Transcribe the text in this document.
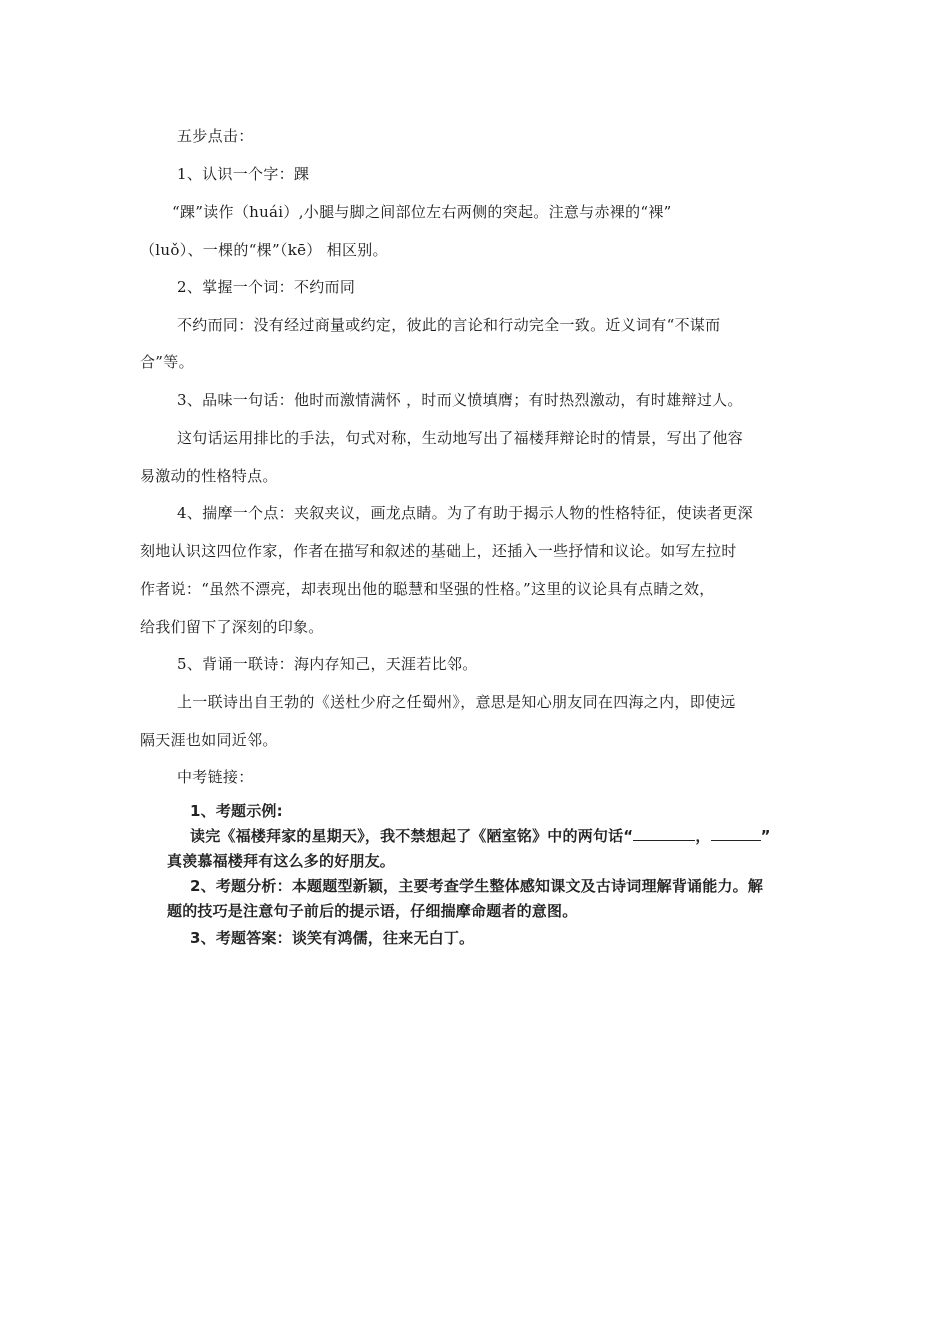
五步点击：
1、认识一个字：踝
“踝”读作（huái）,小腿与脚之间部位左右两侧的突起。注意与赤裸的“裸”
（luǒ）、一棵的“棵”（kē） 相区别。
2、掌握一个词：不约而同
不约而同：没有经过商量或约定，彼此的言论和行动完全一致。近义词有“不谋而
合”等。
3、品味一句话：他时而激情满怀 ，时而义愤填膺；有时热烈激动，有时雄辩过人。
这句话运用排比的手法，句式对称，生动地写出了福楼拜辩论时的情景，写出了他容
易激动的性格特点。
4、揣摩一个点：夹叙夹议，画龙点睛。为了有助于揭示人物的性格特征，使读者更深
刻地认识这四位作家，作者在描写和叙述的基础上，还插入一些抒情和议论。如写左拉时
作者说：“虽然不漂亮，却表现出他的聪慧和坚强的性格。”这里的议论具有点睛之效，
给我们留下了深刻的印象。
5、背诵一联诗：海内存知己，天涯若比邻。
上一联诗出自王勃的《送杜少府之任蜀州》，意思是知心朋友同在四海之内，即使远
隔天涯也如同近邻。
中考链接：
1、考题示例:
读完《福楼拜家的星期天》，我不禁想起了《陋室铭》中的两句话“	，	”
真羡慕福楼拜有这么多的好朋友。
2、考题分析：本题题型新颖，主要考查学生整体感知课文及古诗词理解背诵能力。解
题的技巧是注意句子前后的提示语，仔细揣摩命题者的意图。
3、考题答案：谈笑有鸿儒，往来无白丁。
